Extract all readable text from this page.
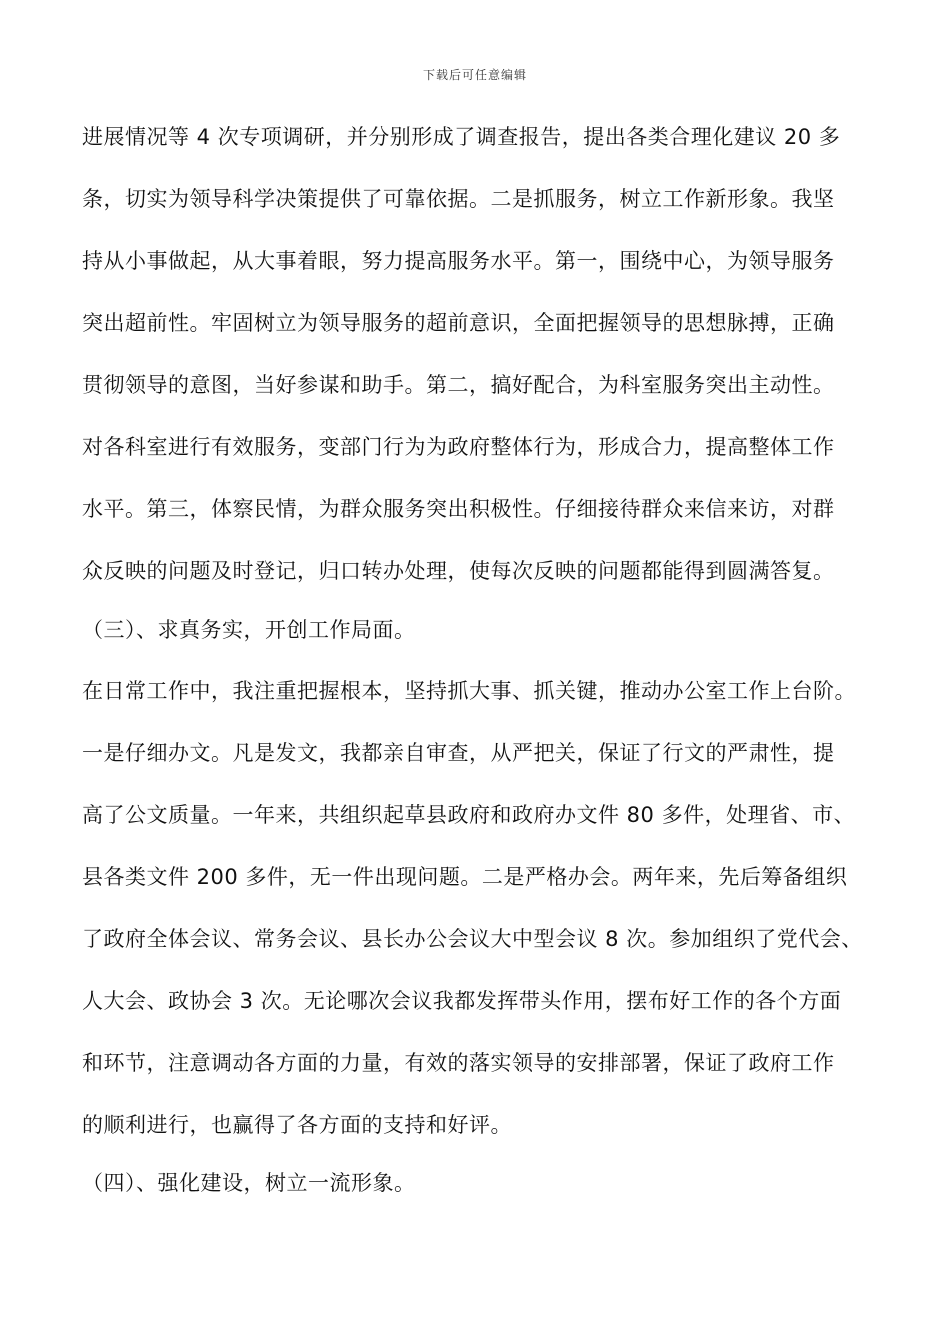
下载后可任意编辑
进展情况等 4 次专项调研，并分别形成了调查报告，提出各类合理化建议 20 多
条，切实为领导科学决策提供了可靠依据。二是抓服务，树立工作新形象。我坚
持从小事做起，从大事着眼，努力提高服务水平。第一，围绕中心，为领导服务
突出超前性。牢固树立为领导服务的超前意识，全面把握领导的思想脉搏，正确
贯彻领导的意图，当好参谋和助手。第二，搞好配合，为科室服务突出主动性。
对各科室进行有效服务，变部门行为为政府整体行为，形成合力，提高整体工作
水平。第三，体察民情，为群众服务突出积极性。仔细接待群众来信来访，对群
众反映的问题及时登记，归口转办处理，使每次反映的问题都能得到圆满答复。
（三）、求真务实，开创工作局面。
在日常工作中，我注重把握根本，坚持抓大事、抓关键，推动办公室工作上台阶。
一是仔细办文。凡是发文，我都亲自审查，从严把关，保证了行文的严肃性，提
高了公文质量。一年来，共组织起草县政府和政府办文件 80 多件，处理省、市、
县各类文件 200 多件，无一件出现问题。二是严格办会。两年来，先后筹备组织
了政府全体会议、常务会议、县长办公会议大中型会议 8 次。参加组织了党代会、
人大会、政协会 3 次。无论哪次会议我都发挥带头作用，摆布好工作的各个方面
和环节，注意调动各方面的力量，有效的落实领导的安排部署，保证了政府工作
的顺利进行，也赢得了各方面的支持和好评。
（四）、强化建设，树立一流形象。
